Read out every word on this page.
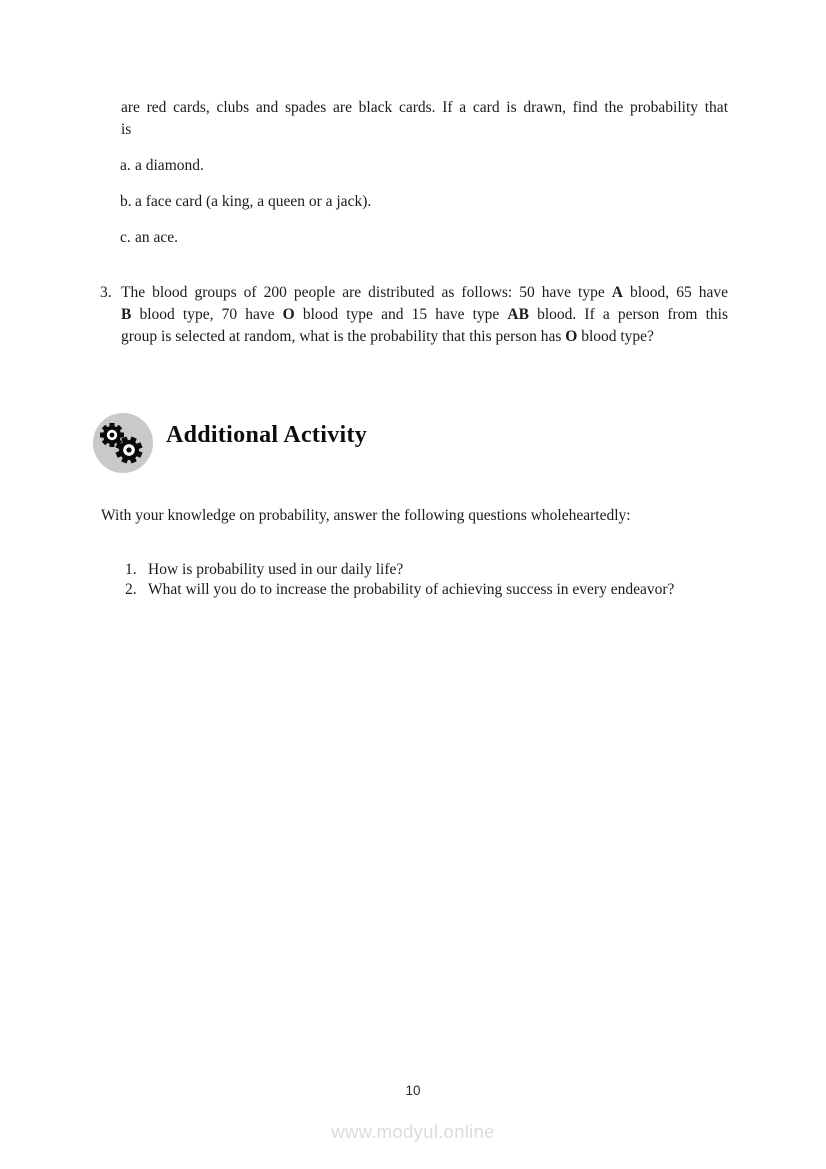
are red cards, clubs and spades are black cards. If a card is drawn, find the probability that
is
a. a diamond.
b. a face card (a king, a queen or a jack).
c. an ace.
3. The blood groups of 200 people are distributed as follows: 50 have type A blood, 65 have
B blood type, 70 have O blood type and 15 have type AB blood. If a person from this
group is selected at random, what is the probability that this person has O blood type?
Additional Activity
With your knowledge on probability, answer the following questions wholeheartedly:
1. How is probability used in our daily life?
2. What will you do to increase the probability of achieving success in every endeavor?
10
www.modyul.online
